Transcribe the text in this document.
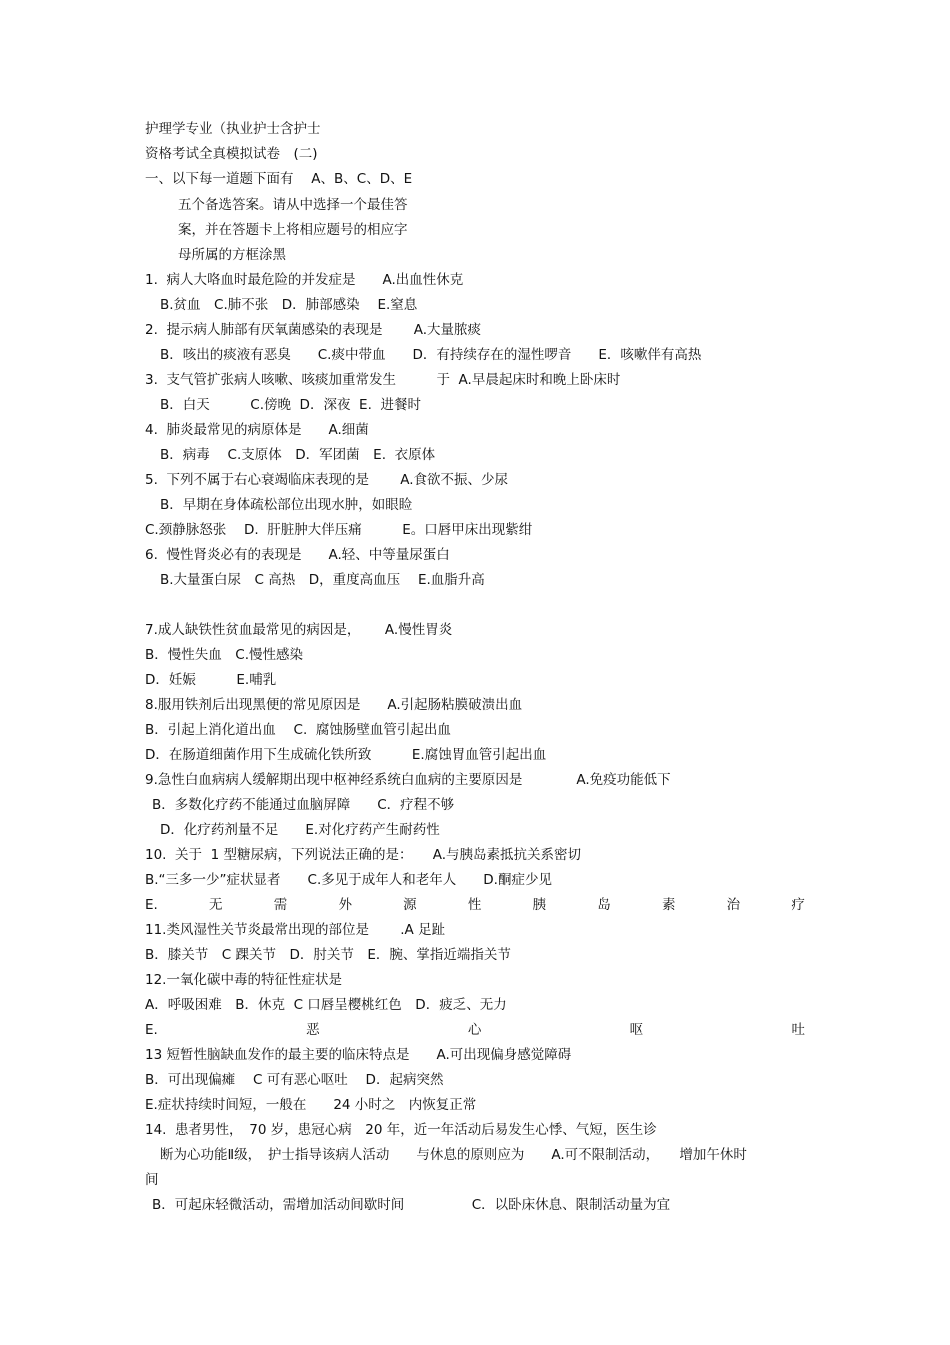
护理学专业（执业护士含护士

资格考试全真模拟试卷　(二)

一、以下每一道题下面有　 A、B、C、D、E

五个备选答案。请从中选择一个最佳答

案，并在答题卡上将相应题号的相应字

母所属的方框涂黑

1.  病人大咯血时最危险的并发症是　　A.出血性休克

B.贫血　C.肺不张　D．肺部感染　 E.窒息

2.  提示病人肺部有厌氧菌感染的表现是　　 A.大量脓痰

B．咳出的痰液有恶臭　　C.痰中带血　　D．有持续存在的湿性啰音　　E．咳嗽伴有高热

3.  支气管扩张病人咳嗽、咳痰加重常发生　　　于  A.早晨起床时和晚上卧床时

B．白天　　　C.傍晚  D．深夜  E.  进餐时

4.  肺炎最常见的病原体是　　A.细菌

B．病毒　 C.支原体　D．军团菌　E.  衣原体

5.  下列不属于右心衰竭临床表现的是　　 A.食欲不振、少尿

B．早期在身体疏松部位出现水肿，如眼睑

C.颈静脉怒张　 D.  肝脏肿大伴压痛　　　E。口唇甲床出现紫绀

6.  慢性肾炎必有的表现是　　A.轻、中等量尿蛋白

B.大量蛋白尿　C 高热　D，重度高血压　 E.血脂升高

7.成人缺铁性贫血最常见的病因是，　　 A.慢性胃炎

B．慢性失血　C.慢性感染

D．妊娠　　　E.哺乳

8.服用铁剂后出现黑便的常见原因是　　A.引起肠粘膜破溃出血

B．引起上消化道出血　 C.  腐蚀肠壁血管引起出血

D．在肠道细菌作用下生成硫化铁所致　　　E.腐蚀胃血管引起出血

9.急性白血病病人缓解期出现中枢神经系统白血病的主要原因是　　　　A.免疫功能低下

B．多数化疗药不能通过血脑屏障　　C．疗程不够

D．化疗药剂量不足　　E.对化疗药产生耐药性

10.  关于  1 型糖尿病，下列说法正确的是：　　A.与胰岛素抵抗关系密切

B.“三多一少”症状显者　　C.多见于成年人和老年人　　D.酮症少见

E.	无	需	外	源	性	胰	岛	素	治	疗

11.类风湿性关节炎最常出现的部位是　　 .A 足趾

B．膝关节　C 踝关节　D．肘关节　E．腕、掌指近端指关节

12.一氧化碳中毒的特征性症状是

A．呼吸困难　B．休克  C 口唇呈樱桃红色　D．疲乏、无力

E.	恶	心	呕	吐

13 短暂性脑缺血发作的最主要的临床特点是　　A.可出现偏身感觉障碍

B．可出现偏瘫　 C 可有恶心呕吐　 D．起病突然

E.症状持续时间短，一般在　　24 小时之　内恢复正常

14.  患者男性，　70 岁，患冠心病　20 年，近一年活动后易发生心悸、气短，医生诊

断为心功能Ⅱ级，　护士指导该病人活动　　与休息的原则应为　　A.可不限制活动，　　增加午休时

间

B．可起床轻微活动，需增加活动间歇时间　　　　　C．以卧床休息、限制活动量为宜
